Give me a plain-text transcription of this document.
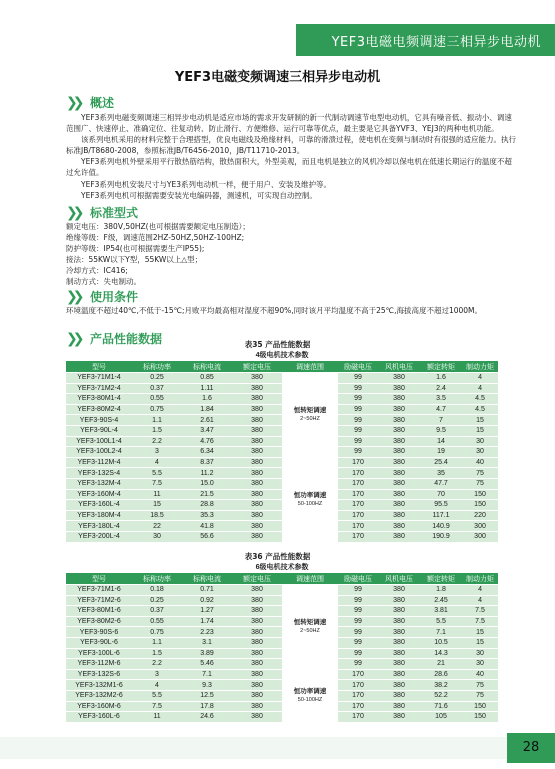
YEF3电磁电频调速三相异步电动机
YEF3电磁变频调速三相异步电动机
❯❯ 概述

YEF3系列电磁变频调速三相异步电动机是适应市场的需求开发研制的新一代制动调速节电型电动机，它具有噪音低、振动小、调速范围广、快速停止、准确定位、往复动转、防止滑行、方便维修、运行可靠等优点，最主要是它具备YVF3、YEJ3的两种电机功能。

该系列电机采用的材料完整于合理搭型，优良电磁线及绝缘材料，可靠的滑溃过程，使电机在变频与制动时有很强的适应能力。执行标准JB/T8680-2008，参照标准JB/T6456-2010，JB/T11710-2013。

YEF3系列电机外壁采用平行散热筋结构，散热面积大，外型美观，而且电机是独立的风机冷却以保电机在低速长期运行的温度不超过允许值。

YEF3系列电机安装尺寸与YE3系列电动机一样，便于用户、安装及维护等。

YEF3系列电机可根据需要安装光电编码器，测速机，可实现自动控制。

❯❯ 标准型式

额定电压：380V,50HZ(也可根据需要额定电压制造）；

绝缘等级：F级，调速范围2HZ-50HZ,50HZ-100HZ;

防护等级：IP54(也可根据需要生产IP55);

接法：55KW以下Y型，55KW以上△型；

冷却方式：IC416;

制动方式：失电制动。

❯❯ 使用条件

环境温度不超过40℃,不低于-15℃;月败平均最高相对湿度不超90%,同时该月平均温度不高于25℃,海拔高度不超过1000M。

❯❯ 产品性能数据	表35 产品性能数据
4级电机技术参数								
型号	标称功率	标称电流	额定电压	调速范围	励磁电压	风机电压	额定转矩	制动力矩
YEF3-71M1-4	0.25	0.85	380	恒转矩调速
2~50HZ	99	380	1.6	4
YEF3-71M2-4	0.37	1.11	380		99	380	2.4	4
YEF3-80M1-4	0.55	1.6	380		99	380	3.5	4.5
YEF3-80M2-4	0.75	1.84	380		99	380	4.7	4.5
YEF3-90S-4	1.1	2.61	380		99	380	7	15
YEF3-90L-4	1.5	3.47	380		99	380	9.5	15
YEF3-100L1-4	2.2	4.76	380		99	380	14	30
YEF3-100L2-4	3	6.34	380		99	380	19	30
YEF3-112M-4	4	8.37	380	恒功率调速
50-100HZ	170	380	25.4	40
YEF3-132S-4	5.5	11.2	380		170	380	35	75
YEF3-132M-4	7.5	15.0	380		170	380	47.7	75
YEF3-160M-4	11	21.5	380		170	380	70	150
YEF3-160L-4	15	28.8	380		170	380	95.5	150
YEF3-180M-4	18.5	35.3	380		170	380	117.1	220
YEF3-180L-4	22	41.8	380		170	380	140.9	300
YEF3-200L-4	30	56.6	380		170	380	190.9	300
表36 产品性能数据
6级电机技术参数								
型号	标称功率	标称电流	额定电压	调速范围	励磁电压	风机电压	额定转矩	制动力矩
YEF3-71M1-6	0.18	0.71	380	恒转矩调速
2~50HZ	99	380	1.8	4
YEF3-71M2-6	0.25	0.92	380		99	380	2.45	4
YEF3-80M1-6	0.37	1.27	380		99	380	3.81	7.5
YEF3-80M2-6	0.55	1.74	380		99	380	5.5	7.5
YEF3-90S-6	0.75	2.23	380		99	380	7.1	15
YEF3-90L-6	1.1	3.1	380		99	380	10.5	15
YEF3-100L-6	1.5	3.89	380		99	380	14.3	30
YEF3-112M-6	2.2	5.46	380		99	380	21	30
YEF3-132S-6	3	7.1	380	恒功率调速
50-100HZ	170	380	28.6	40
YEF3-132M1-6	4	9.3	380		170	380	38.2	75
YEF3-132M2-6	5.5	12.5	380		170	380	52.2	75
YEF3-160M-6	7.5	17.8	380		170	380	71.6	150
YEF3-160L-6	11	24.6	380		170	380	105	150
28
